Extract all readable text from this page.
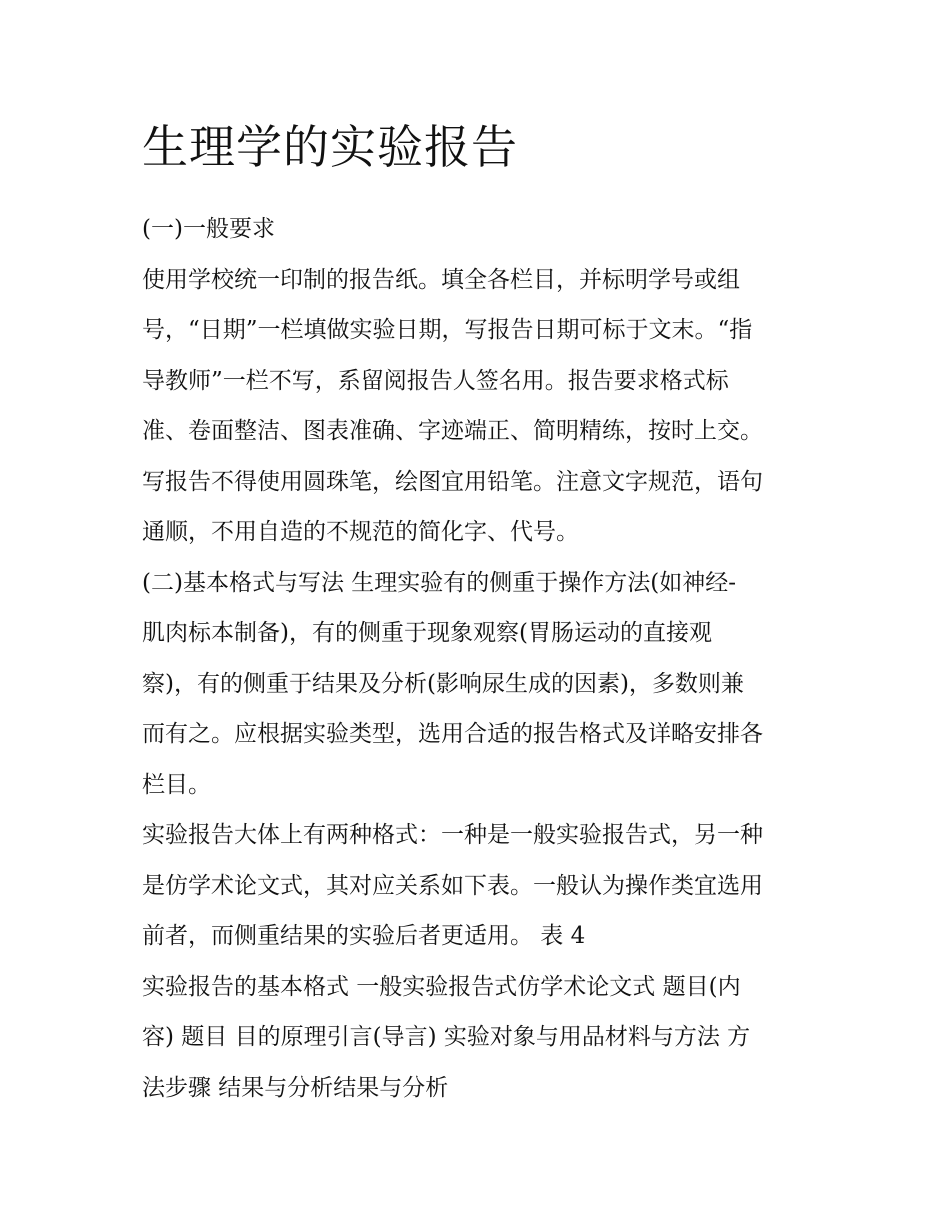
生理学的实验报告

(一)一般要求

使用学校统一印制的报告纸。填全各栏目，并标明学号或组

号，“日期”一栏填做实验日期，写报告日期可标于文末。“指

导教师”一栏不写，系留阅报告人签名用。报告要求格式标

准、卷面整洁、图表准确、字迹端正、简明精练，按时上交。

写报告不得使用圆珠笔，绘图宜用铅笔。注意文字规范，语句

通顺，不用自造的不规范的简化字、代号。

(二)基本格式与写法 生理实验有的侧重于操作方法(如神经-

肌肉标本制备)，有的侧重于现象观察(胃肠运动的直接观

察)，有的侧重于结果及分析(影响尿生成的因素)，多数则兼

而有之。应根据实验类型，选用合适的报告格式及详略安排各

栏目。

实验报告大体上有两种格式：一种是一般实验报告式，另一种

是仿学术论文式，其对应关系如下表。一般认为操作类宜选用

前者，而侧重结果的实验后者更适用。 表 4

实验报告的基本格式 一般实验报告式仿学术论文式 题目(内

容) 题目 目的原理引言(导言) 实验对象与用品材料与方法 方

法步骤 结果与分析结果与分析
